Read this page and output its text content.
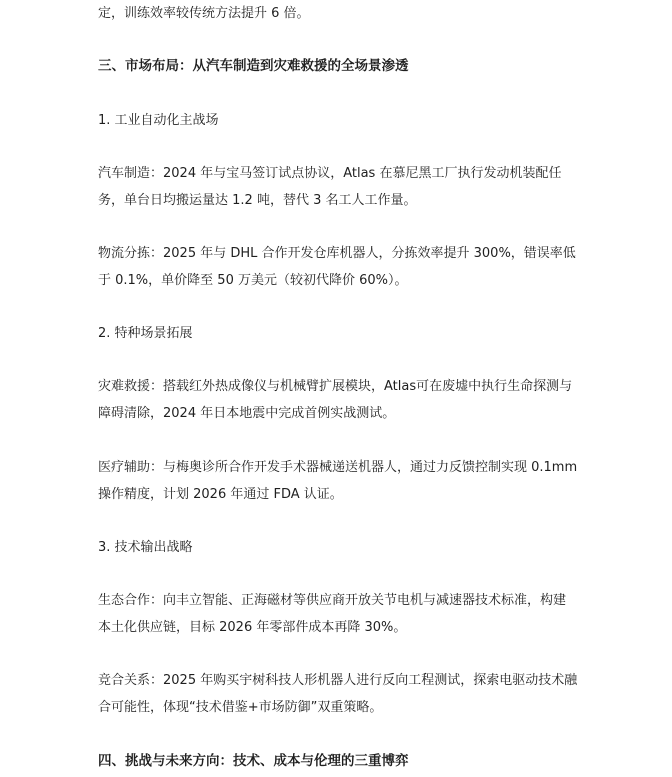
定，训练效率较传统方法提升 6 倍。

三、市场布局：从汽车制造到灾难救援的全场景渗透

1. 工业自动化主战场

汽车制造：2024 年与宝马签订试点协议，Atlas 在慕尼黑工厂执行发动机装配任务，单台日均搬运量达 1.2 吨，替代 3 名工人工作量。

物流分拣：2025 年与 DHL 合作开发仓库机器人，分拣效率提升 300%，错误率低于 0.1%，单价降至 50 万美元（较初代降价 60%）。

2. 特种场景拓展

灾难救援：搭载红外热成像仪与机械臂扩展模块，Atlas可在废墟中执行生命探测与障碍清除，2024 年日本地震中完成首例实战测试。

医疗辅助：与梅奥诊所合作开发手术器械递送机器人，通过力反馈控制实现 0.1mm 操作精度，计划 2026 年通过 FDA 认证。

3. 技术输出战略

生态合作：向丰立智能、正海磁材等供应商开放关节电机与减速器技术标准，构建本土化供应链，目标 2026 年零部件成本再降 30%。

竞合关系：2025 年购买宇树科技人形机器人进行反向工程测试，探索电驱动技术融合可能性，体现“技术借鉴+市场防御”双重策略。

四、挑战与未来方向：技术、成本与伦理的三重博弈
